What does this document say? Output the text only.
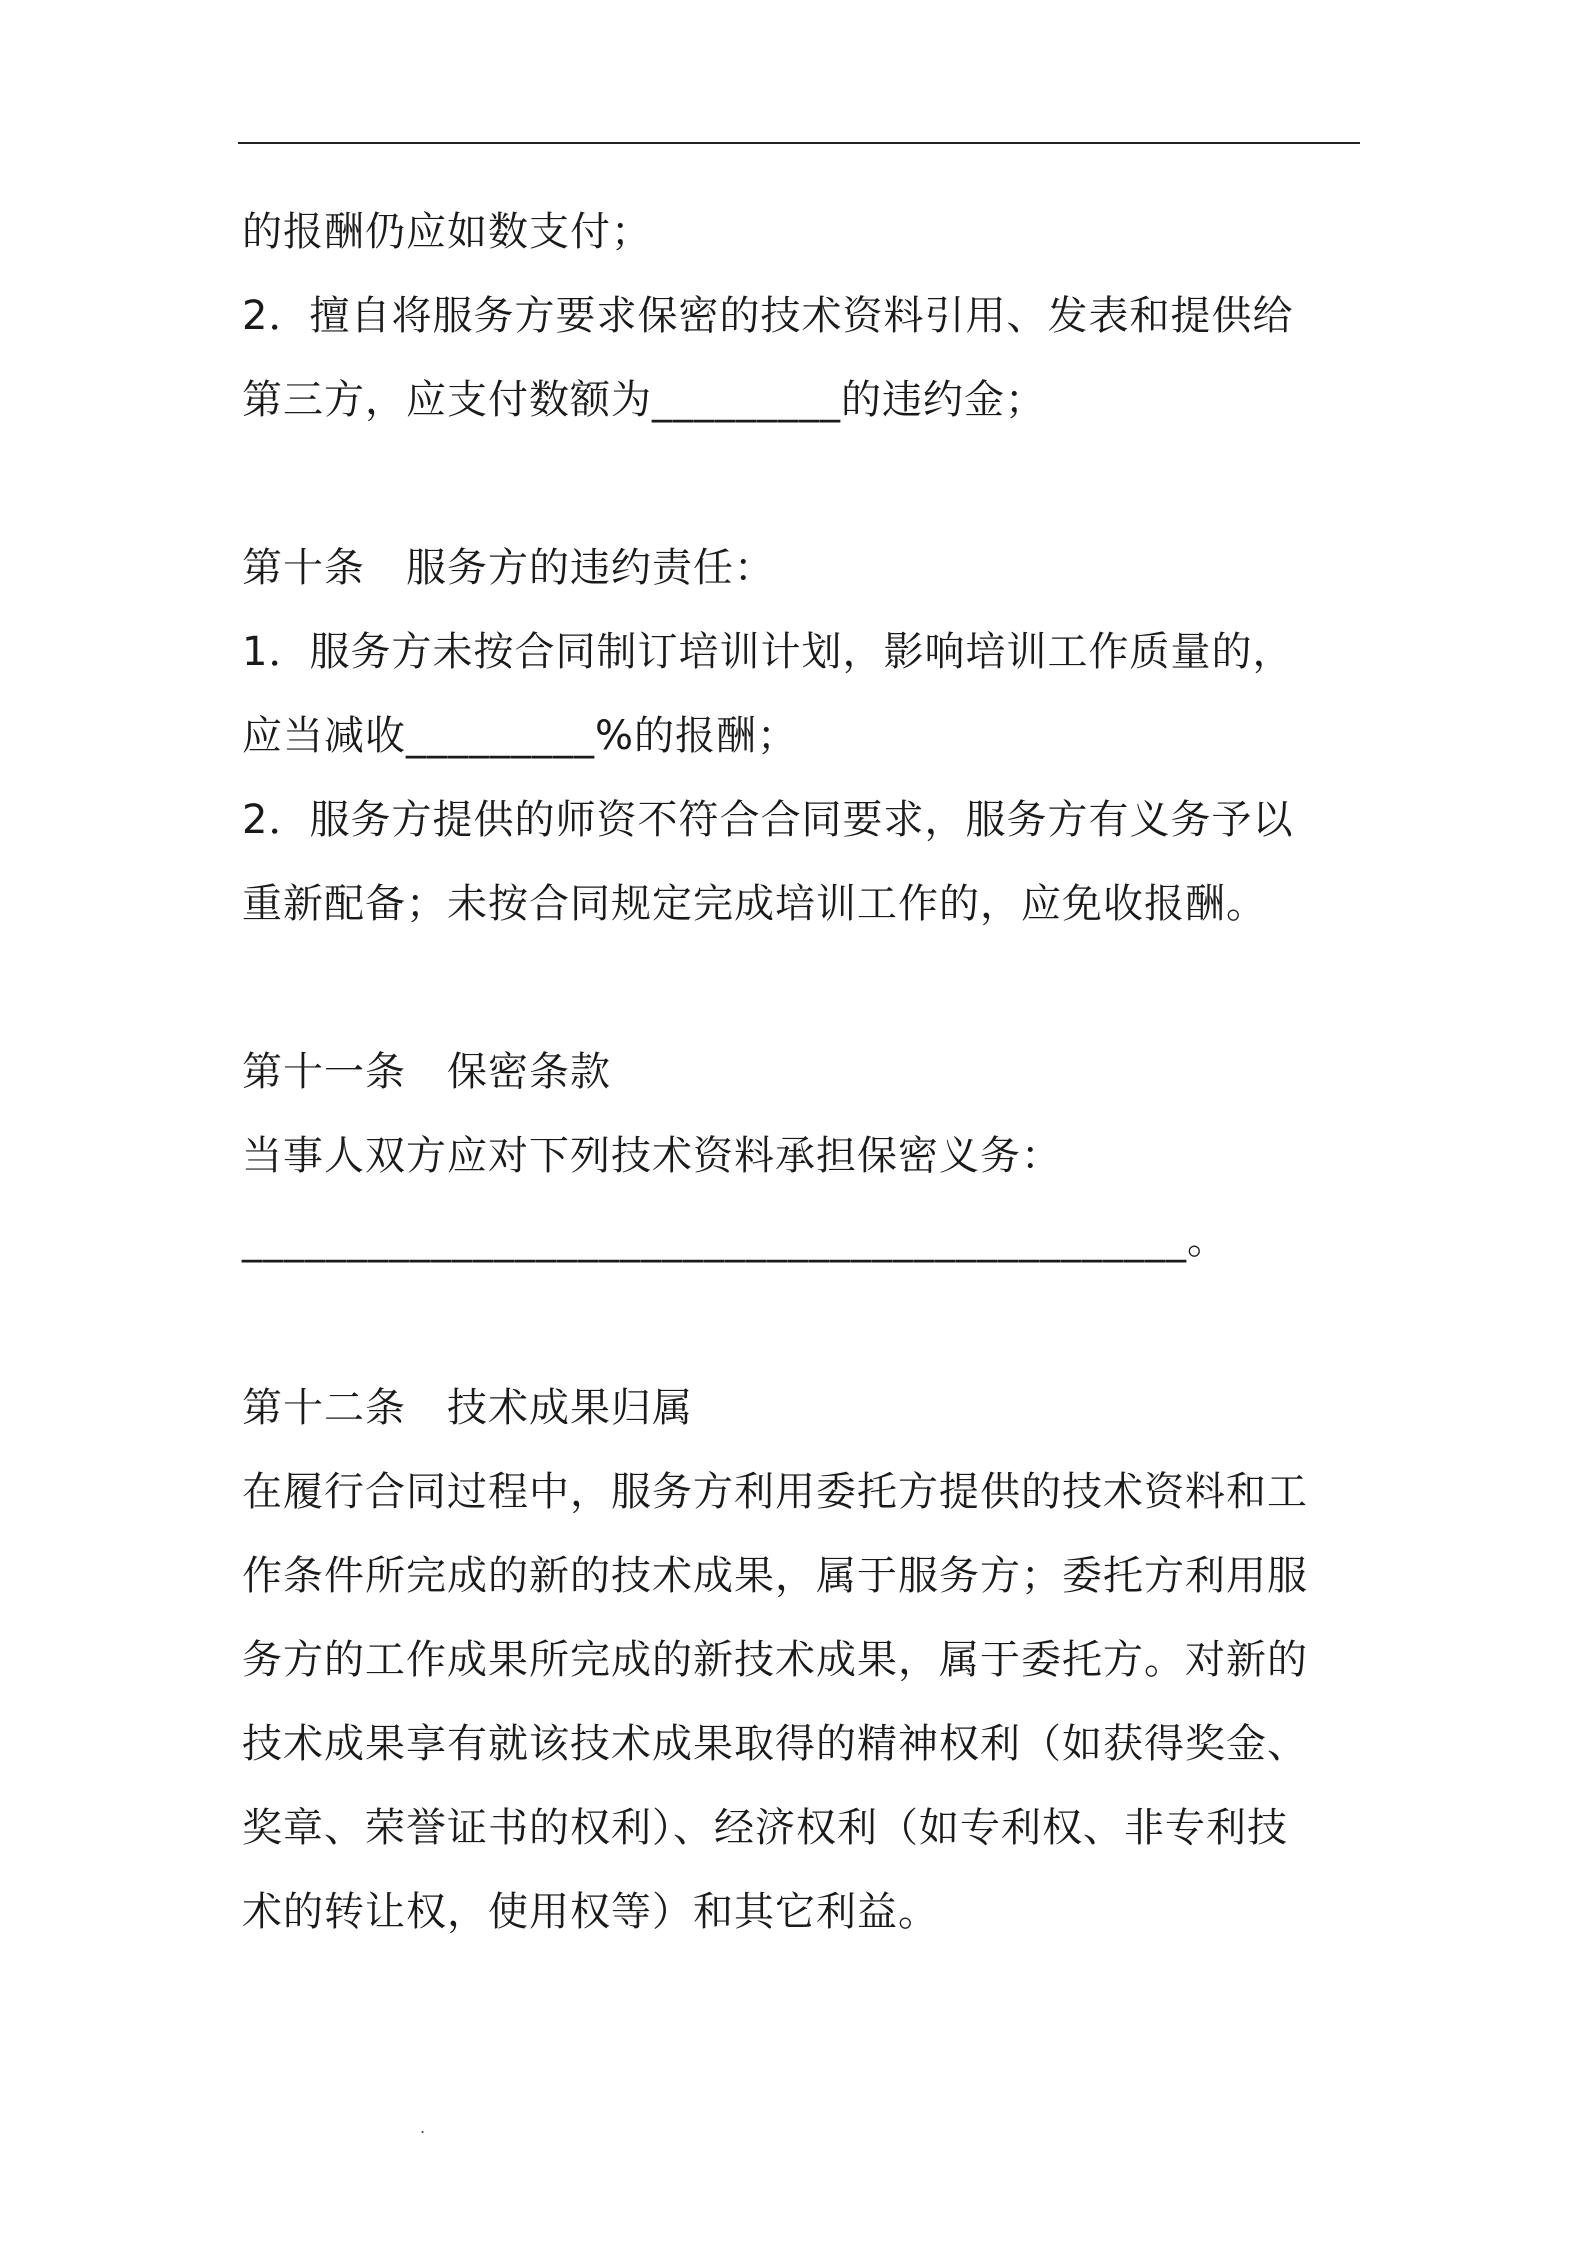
的报酬仍应如数支付；
2．擅自将服务方要求保密的技术资料引用、发表和提供给
第三方，应支付数额为_________的违约金；
第十条　服务方的违约责任：
1．服务方未按合同制订培训计划，影响培训工作质量的，
应当减收_________%的报酬；
2．服务方提供的师资不符合合同要求，服务方有义务予以
重新配备；未按合同规定完成培训工作的，应免收报酬。
第十一条　保密条款
当事人双方应对下列技术资料承担保密义务：
_____________________________________________。
第十二条　技术成果归属
在履行合同过程中，服务方利用委托方提供的技术资料和工
作条件所完成的新的技术成果，属于服务方；委托方利用服
务方的工作成果所完成的新技术成果，属于委托方。对新的
技术成果享有就该技术成果取得的精神权利（如获得奖金、
奖章、荣誉证书的权利）、经济权利（如专利权、非专利技
术的转让权，使用权等）和其它利益。
.
